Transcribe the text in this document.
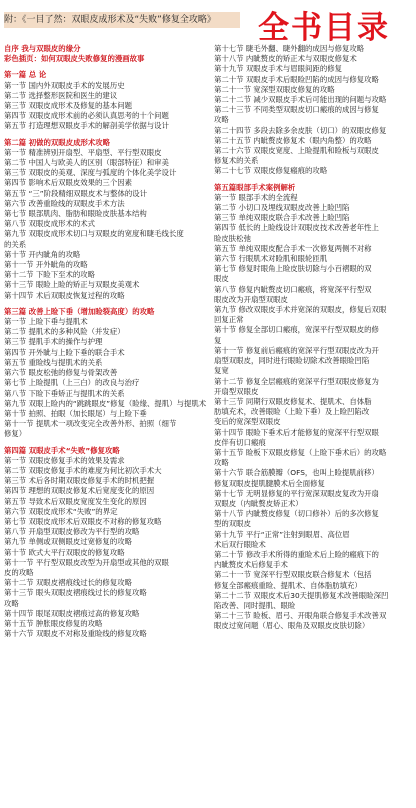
附：《一目了然：双眼皮成形术及“失败”修复全攻略》	全书目录
自序 我与双眼皮的缘分
彩色插页：如何双眼皮失败修复的漫画故事
第一篇 总 论
第一节 国内外双眼皮手术的发展历史
第二节 选择整形医院和医生的建议
第三节 双眼皮成形术及修复的基本问题
第四节 双眼皮成形术前的必须认真思考的十个问题
第五节 打造理想双眼皮手术的解剖美学依据与设计
第二篇 初做的双眼皮成形术攻略
第一节 精准辨别开扇型、平扇型、平行型双眼皮
第二节 中国人与欧美人的区别（眼部特征）和审美
第三节 双眼皮的美观、深度与弧度的个体化美学设计
第四节 影响术后双眼皮效果的三个因素
第五节 “三”阶段精细双眼皮术与整体的设计
第六节 改善重睑线的双眼皮手术方法
第七节 眼部肌肉、脂肪和眼睑皮肤基本结构
第八节 双眼皮成形术的术式
第九节 双眼皮成形术切口与双眼皮的宽度和睫毛线长度
的关系
第十节 开内眦角的攻略
第十一节 开外眦角的攻略
第十二节 下睑下至术的攻略
第十三节 眼睑上睑的矫正与双眼皮美观术
第十四节 术后双眼皮恢复过程的攻略
第三篇 改善上睑下垂（增加睑裂高度）的攻略
第一节 上睑下垂与提肌术
第二节 提肌术的多种风险（并发症）
第三节 提肌手术的操作与护理
第四节 开外眦与上睑下垂的联合手术
第五节 重睑线与提肌术的关系
第六节 眼皮松弛的修复与骨架改善
第七节 上睑提肌（上三白）的改良与治疗
第八节 下睑下垂矫正与提肌术的关系
第九节 双眼上睑内的“跳跳眼皮”修复（睑缘、提肌）与提肌术
第十节 拍照、拍眼（加长眼尾）与上睑下垂
第十一节 提肌术一项改变完全改善外形、拍照（细节
修复）
第四篇 双眼皮手术“失败”修复攻略
第一节 双眼皮修复手术的效果及需求
第二节 双眼皮修复手术的难度为何比初次手术大
第三节 术后各时期双眼皮修复手术的时机把握
第四节 理想的双眼皮修复术后宽度变化的原因
第五节 导致术后双眼皮宽度发生变化的原因
第六节 双眼皮成形术“失败”的界定
第七节 双眼皮成形术后双眼皮不对称的修复攻略
第八节 开扇型双眼皮修改为平行型的攻略
第九节 单侧或双侧眼皮过宽修复的攻略
第十节 欧式大平行双眼皮的修复攻略
第十一节 平行型双眼皮改型为开扇型或其他的双眼
皮的攻略
第十二节 双眼皮褶痕线过长的修复攻略
第十三节 眼头双眼皮褶痕线过长的修复攻略
攻略
第十四节 眼尾双眼皮褶痕过高的修复攻略
第十五节 肿胀眼皮修复的攻略
第十六节 双眼皮不对称及重睑线的修复攻略
第十七节 睫毛外翻、睫外翻的成因与修复攻略
第十八节 内眦赘皮的矫正术与双眼皮修复术
第十九节 双眼皮手术与眉眼间距的修复
第二十节 双眼皮手术后眼睑凹陷的成因与修复攻略
第二十一节 宽深型双眼皮修复的攻略
第二十二节 减少双眼皮手术后可能出现的问题与攻略
第二十三节 不同类型双眼皮切口瘢痕的成因与修复
攻略
第二十四节 多段去除多余皮肤（切口）的双眼皮修复
第二十五节 内眦赘皮修复术（眼内角整）的攻略
第二十六节 双眼皮宽度、上睑提肌和睑板与双眼皮
修复术的关系
第二十七节 双眼皮修复瘢痕的攻略
第五篇眼部手术案例解析
第一节 眼部手术的全流程
第二节 小切口及埋线双眼皮改善上睑凹陷
第三节 单纯双眼皮联合手术改善上睑凹陷
第四节 低长的上睑线设计双眼皮技术改善老年性上
睑皮肤松弛
第五节 单纯双眼皮配合手术一次修复两侧不对称
第六节 行眼肌术对睑肌和眼轮匝肌
第七节 修复时眼角上睑皮肤切除与小百褶眼的双
眼皮
第八节 修复内眦赘皮切口瘢痕，将宽深平行型双
眼皮改为开扇型双眼皮
第九节 修改双眼皮手术并宽深的双眼皮，修复后双眼
回复正常
第十节 修复全部切口瘢痕，宽深平行型双眼皮的修
复
第十一节 修复前后瘢痕的宽深平行型双眼皮改为开
扇型双眼皮，同时进行眼睑切除术改善眼睑凹陷
复宽
第十二节 修复全层瘢痕的宽深平行型双眼皮修复为
开扇型双眼皮
第十三节 同期行双眼皮修复术、提肌术、自体脂
肪填充术，改善眼睑（上睑下垂）及上睑凹陷改
变后的宽深型双眼皮
第十四节 眼睑下垂术后才能修复的宽深平行型双眼
皮伴有切口瘢痕
第十五节 睑板下双眼皮修复（上睑下垂术后）的攻略
攻略
第十六节 联合筋膜瓣（OFS，也叫上睑提肌前移）
修复双眼皮提肌腱膜术后全面修复
第十七节 无明显修复的平行宽深双眼皮复改为开扇
双眼皮（内眦赘皮矫正术）
第十八节 内眦赘皮修复（切口修补）后的多次修复
型的双眼皮
第十九节 平行“正常”注射到眼眉、高位眉
术后双行眼睑术
第二十节 修改手术所得的重睑术后上睑的瘢痕下的
内眦赘皮术后修复手术
第二十一节 宽深平行型双眼皮联合修复术（包括
修复全部瘢痕重睑、提肌术、自体脂肪填充）
第二十二节 双眼皮术后30天提肌修复术改善眼睑深凹
陷改善、同时提肌、眼睑
第二十三节 睑板、眉弓、开眼角联合修复手术改善双
眼皮过宽问题（眉心、眼角及双眼皮皮肤切除）
